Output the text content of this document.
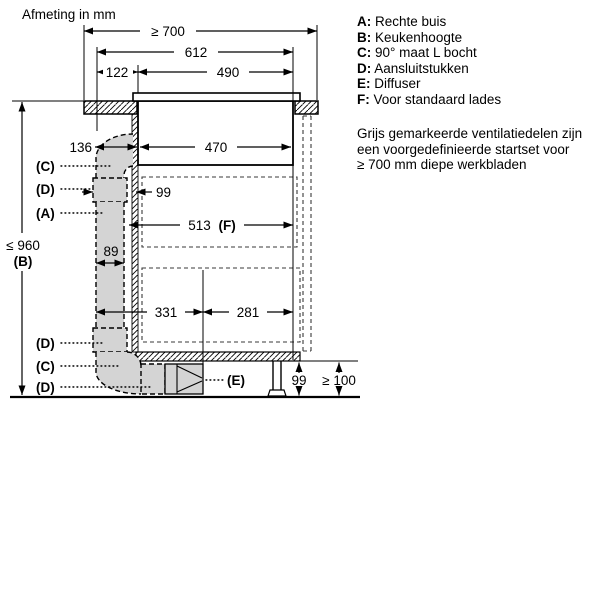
≥ 700
612
122	490
136	470
99
513 (F)
89
≤ 960
(B)
331	281
99 ≥ 100
(C)
(D)
(A)
(D)
(C)
(D)	(E)
Afmeting in mm	A: Rechte buis
B: Keukenhoogte
C: 90° maat L bocht
D: Aansluitstukken
E: Diffuser
F: Voor standaard lades
Grijs gemarkeerde ventilatiedelen zijn
een voorgedefinieerde startset voor
≥ 700 mm diepe werkbladen
